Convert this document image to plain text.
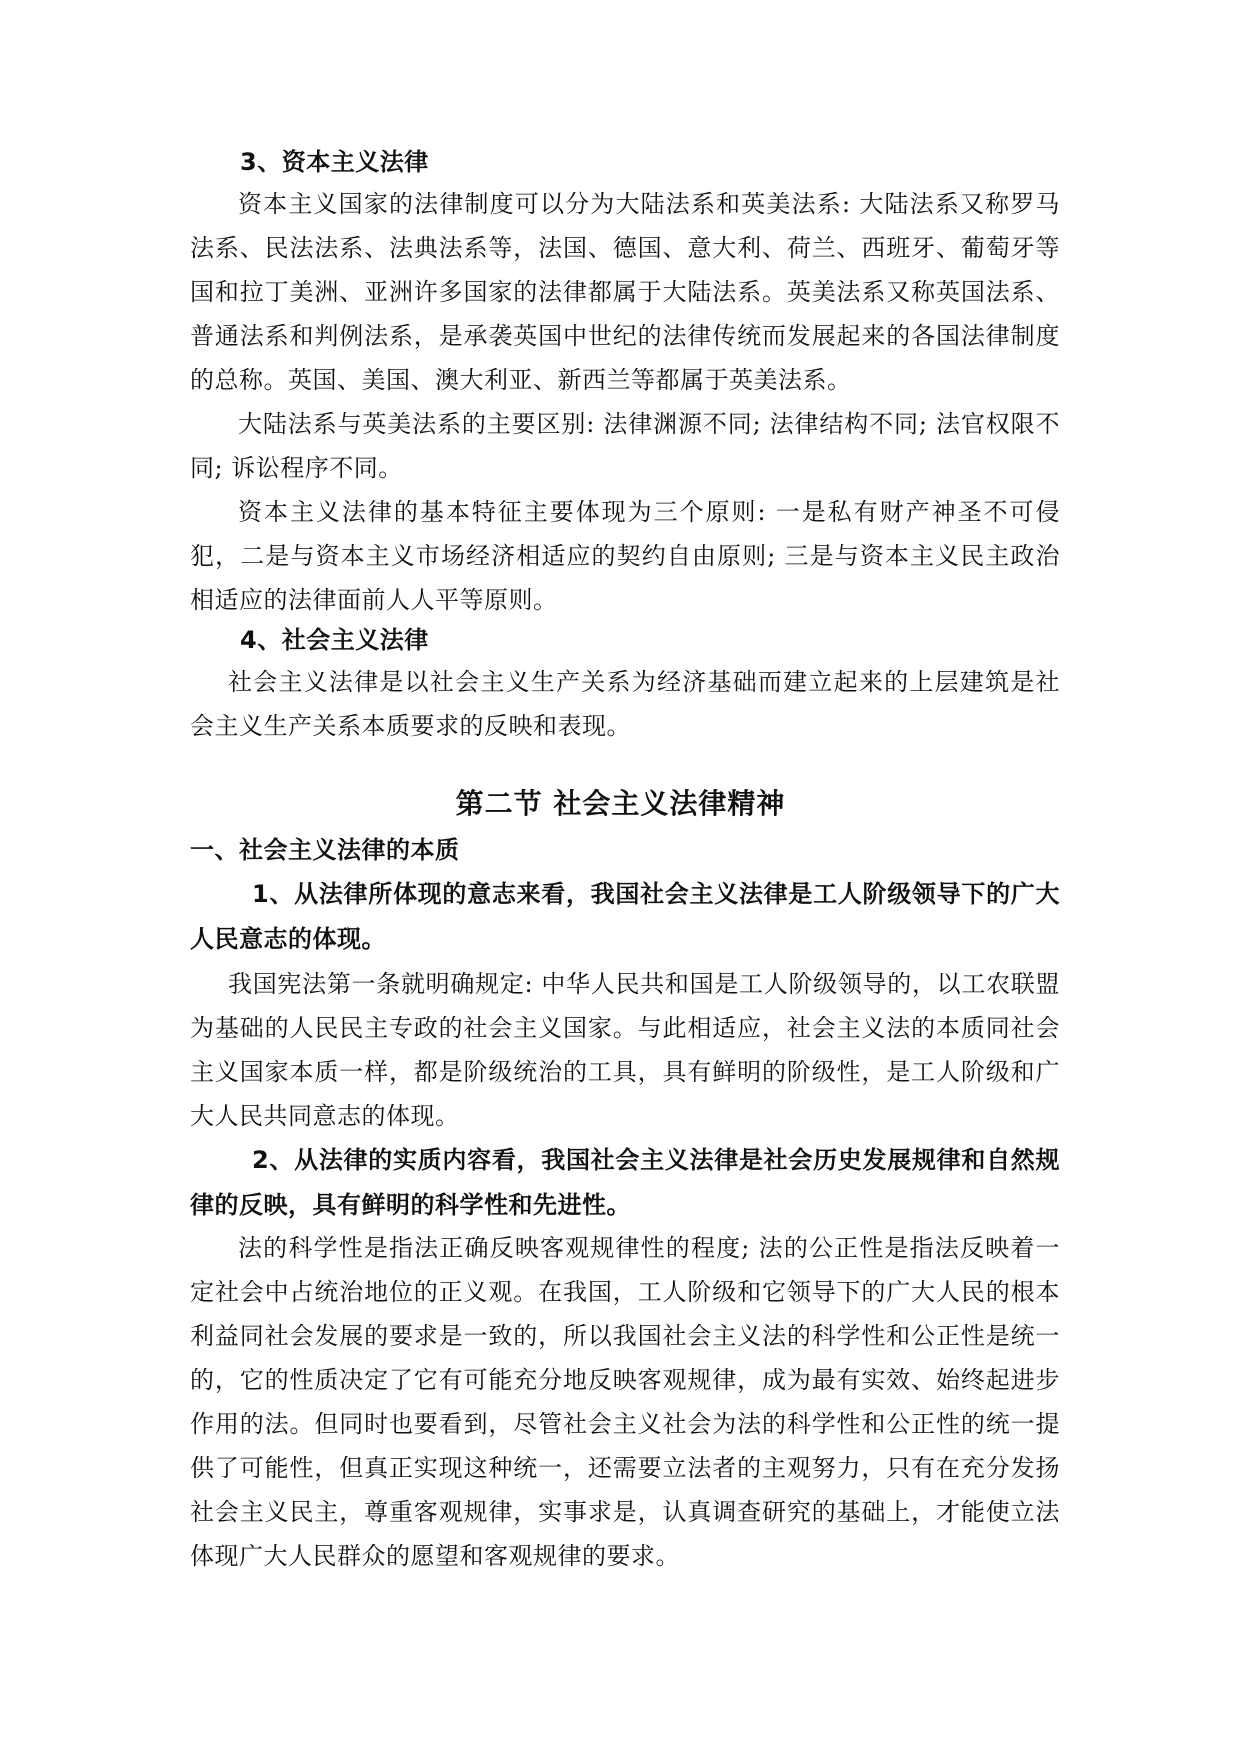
3、资本主义法律

资本主义国家的法律制度可以分为大陆法系和英美法系: 大陆法系又称罗马法系、民法法系、法典法系等，法国、德国、意大利、荷兰、西班牙、葡萄牙等国和拉丁美洲、亚洲许多国家的法律都属于大陆法系。英美法系又称英国法系、普通法系和判例法系，是承袭英国中世纪的法律传统而发展起来的各国法律制度的总称。英国、美国、澳大利亚、新西兰等都属于英美法系。

大陆法系与英美法系的主要区别: 法律渊源不同; 法律结构不同; 法官权限不同; 诉讼程序不同。

资本主义法律的基本特征主要体现为三个原则: 一是私有财产神圣不可侵犯，二是与资本主义市场经济相适应的契约自由原则; 三是与资本主义民主政治相适应的法律面前人人平等原则。

4、社会主义法律

社会主义法律是以社会主义生产关系为经济基础而建立起来的上层建筑是社会主义生产关系本质要求的反映和表现。

第二节 社会主义法律精神
一、社会主义法律的本质

1、从法律所体现的意志来看，我国社会主义法律是工人阶级领导下的广大人民意志的体现。

我国宪法第一条就明确规定: 中华人民共和国是工人阶级领导的，以工农联盟为基础的人民民主专政的社会主义国家。与此相适应，社会主义法的本质同社会主义国家本质一样，都是阶级统治的工具，具有鲜明的阶级性，是工人阶级和广大人民共同意志的体现。

2、从法律的实质内容看，我国社会主义法律是社会历史发展规律和自然规律的反映，具有鲜明的科学性和先进性。

法的科学性是指法正确反映客观规律性的程度; 法的公正性是指法反映着一定社会中占统治地位的正义观。在我国，工人阶级和它领导下的广大人民的根本利益同社会发展的要求是一致的，所以我国社会主义法的科学性和公正性是统一的，它的性质决定了它有可能充分地反映客观规律，成为最有实效、始终起进步作用的法。但同时也要看到，尽管社会主义社会为法的科学性和公正性的统一提供了可能性，但真正实现这种统一，还需要立法者的主观努力，只有在充分发扬社会主义民主，尊重客观规律，实事求是，认真调查研究的基础上，才能使立法体现广大人民群众的愿望和客观规律的要求。
